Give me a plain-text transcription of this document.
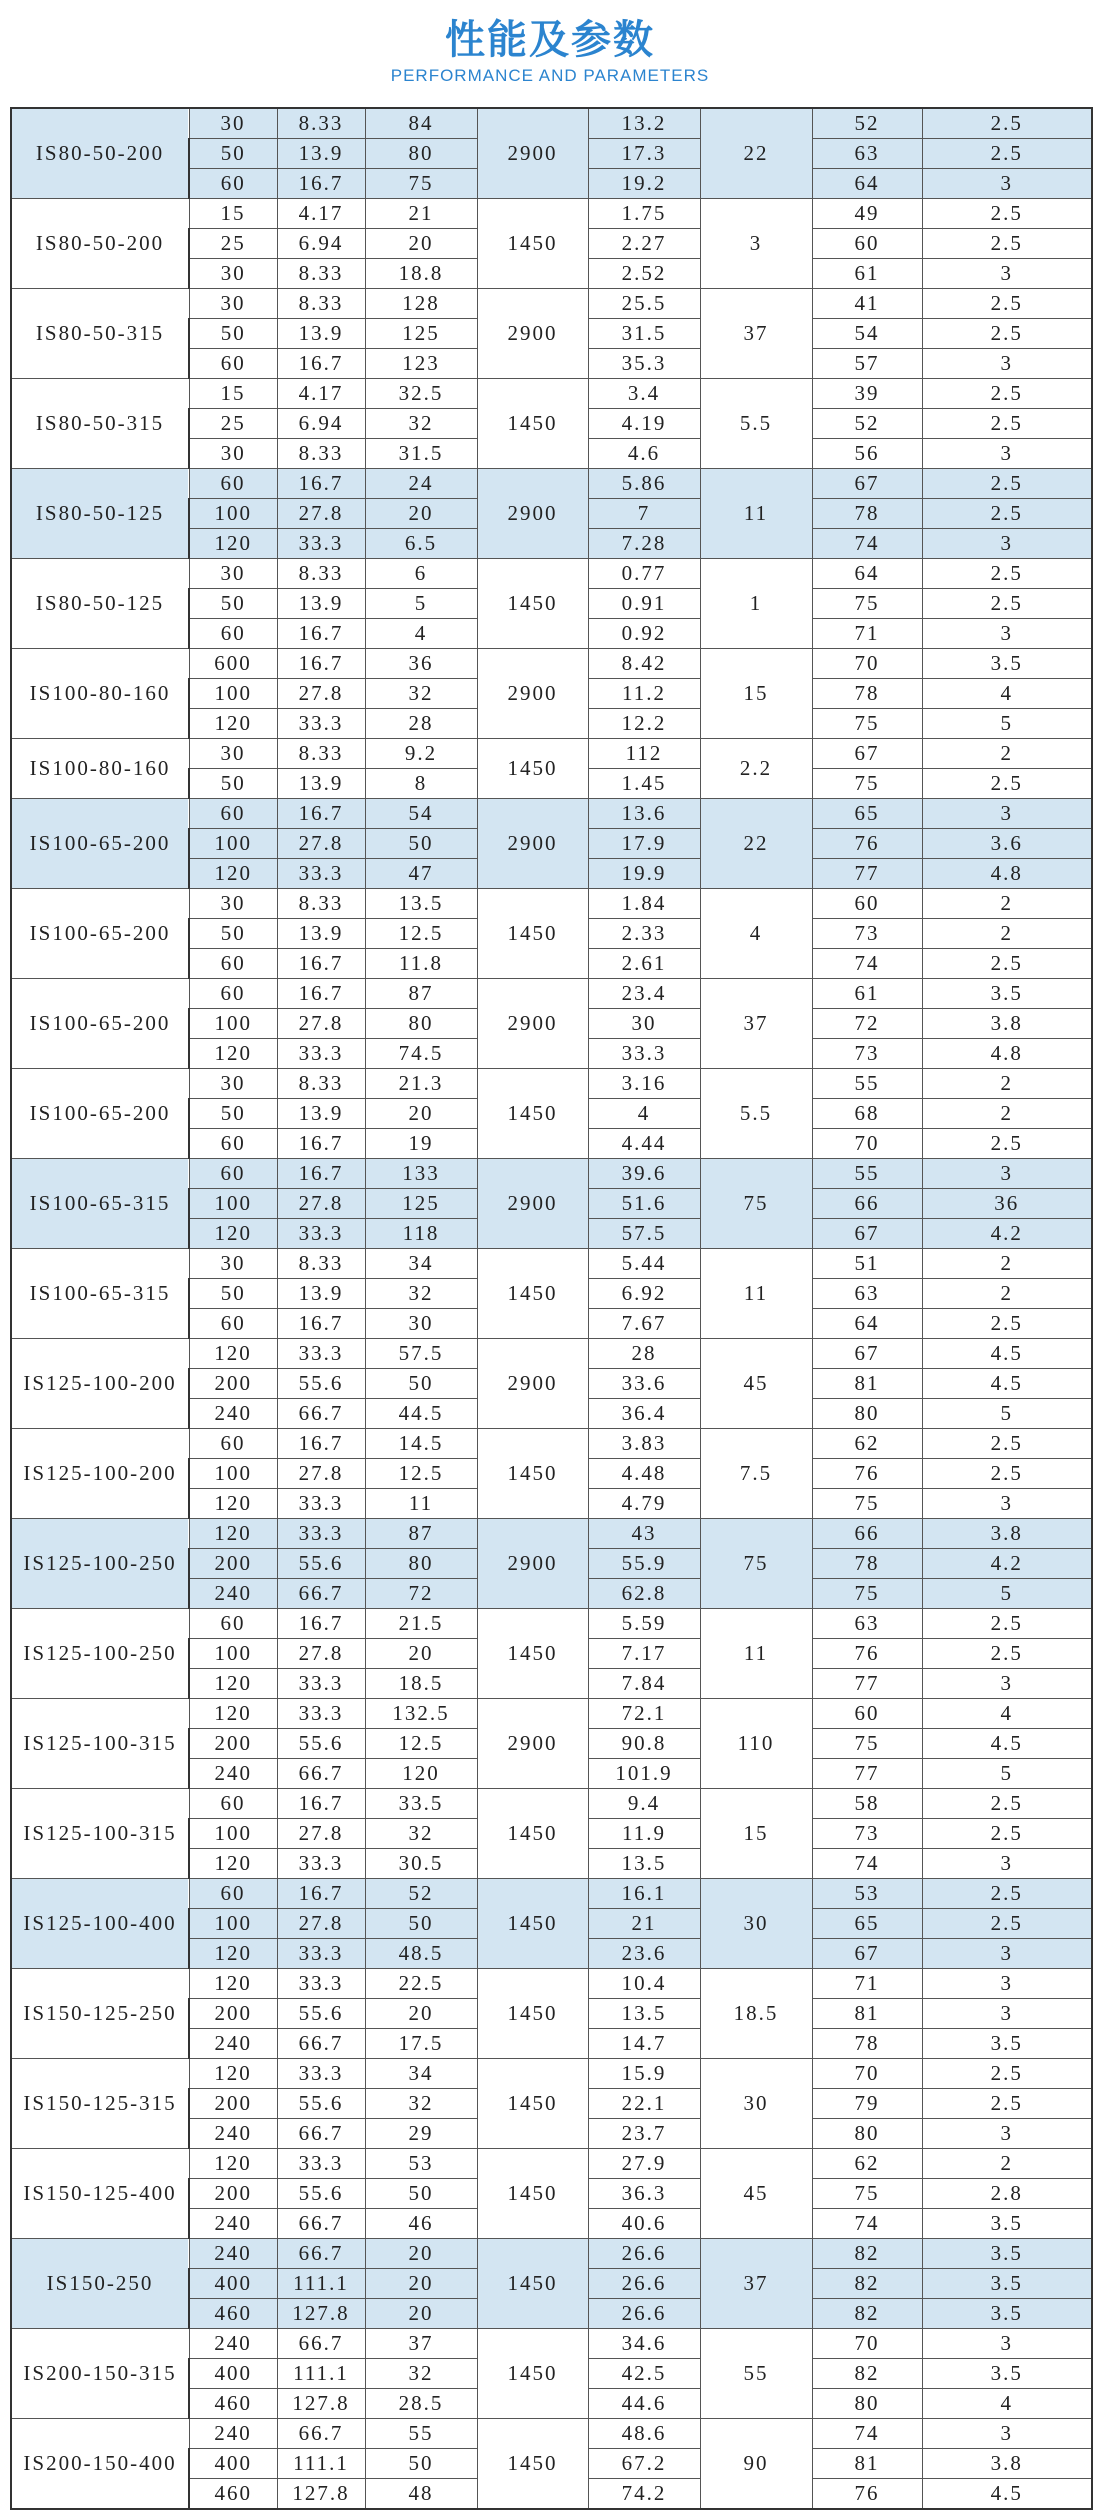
性能及参数
PERFORMANCE AND PARAMETERS
IS80-50-200	30	8.33	84	2900	13.2	22	52	2.5
	50	13.9	80		17.3		63	2.5
	60	16.7	75		19.2		64	3
IS80-50-200	15	4.17	21	1450	1.75	3	49	2.5
	25	6.94	20		2.27		60	2.5
	30	8.33	18.8		2.52		61	3
IS80-50-315	30	8.33	128	2900	25.5	37	41	2.5
	50	13.9	125		31.5		54	2.5
	60	16.7	123		35.3		57	3
IS80-50-315	15	4.17	32.5	1450	3.4	5.5	39	2.5
	25	6.94	32		4.19		52	2.5
	30	8.33	31.5		4.6		56	3
IS80-50-125	60	16.7	24	2900	5.86	11	67	2.5
	100	27.8	20		7		78	2.5
	120	33.3	6.5		7.28		74	3
IS80-50-125	30	8.33	6	1450	0.77	1	64	2.5
	50	13.9	5		0.91		75	2.5
	60	16.7	4		0.92		71	3
IS100-80-160	600	16.7	36	2900	8.42	15	70	3.5
	100	27.8	32		11.2		78	4
	120	33.3	28		12.2		75	5
IS100-80-160	30	8.33	9.2	1450	112	2.2	67	2
	50	13.9	8		1.45		75	2.5
IS100-65-200	60	16.7	54	2900	13.6	22	65	3
	100	27.8	50		17.9		76	3.6
	120	33.3	47		19.9		77	4.8
IS100-65-200	30	8.33	13.5	1450	1.84	4	60	2
	50	13.9	12.5		2.33		73	2
	60	16.7	11.8		2.61		74	2.5
IS100-65-200	60	16.7	87	2900	23.4	37	61	3.5
	100	27.8	80		30		72	3.8
	120	33.3	74.5		33.3		73	4.8
IS100-65-200	30	8.33	21.3	1450	3.16	5.5	55	2
	50	13.9	20		4		68	2
	60	16.7	19		4.44		70	2.5
IS100-65-315	60	16.7	133	2900	39.6	75	55	3
	100	27.8	125		51.6		66	36
	120	33.3	118		57.5		67	4.2
IS100-65-315	30	8.33	34	1450	5.44	11	51	2
	50	13.9	32		6.92		63	2
	60	16.7	30		7.67		64	2.5
IS125-100-200	120	33.3	57.5	2900	28	45	67	4.5
	200	55.6	50		33.6		81	4.5
	240	66.7	44.5		36.4		80	5
IS125-100-200	60	16.7	14.5	1450	3.83	7.5	62	2.5
	100	27.8	12.5		4.48		76	2.5
	120	33.3	11		4.79		75	3
IS125-100-250	120	33.3	87	2900	43	75	66	3.8
	200	55.6	80		55.9		78	4.2
	240	66.7	72		62.8		75	5
IS125-100-250	60	16.7	21.5	1450	5.59	11	63	2.5
	100	27.8	20		7.17		76	2.5
	120	33.3	18.5		7.84		77	3
IS125-100-315	120	33.3	132.5	2900	72.1	110	60	4
	200	55.6	12.5		90.8		75	4.5
	240	66.7	120		101.9		77	5
IS125-100-315	60	16.7	33.5	1450	9.4	15	58	2.5
	100	27.8	32		11.9		73	2.5
	120	33.3	30.5		13.5		74	3
IS125-100-400	60	16.7	52	1450	16.1	30	53	2.5
	100	27.8	50		21		65	2.5
	120	33.3	48.5		23.6		67	3
IS150-125-250	120	33.3	22.5	1450	10.4	18.5	71	3
	200	55.6	20		13.5		81	3
	240	66.7	17.5		14.7		78	3.5
IS150-125-315	120	33.3	34	1450	15.9	30	70	2.5
	200	55.6	32		22.1		79	2.5
	240	66.7	29		23.7		80	3
IS150-125-400	120	33.3	53	1450	27.9	45	62	2
	200	55.6	50		36.3		75	2.8
	240	66.7	46		40.6		74	3.5
IS150-250	240	66.7	20	1450	26.6	37	82	3.5
	400	111.1	20		26.6		82	3.5
	460	127.8	20		26.6		82	3.5
IS200-150-315	240	66.7	37	1450	34.6	55	70	3
	400	111.1	32		42.5		82	3.5
	460	127.8	28.5		44.6		80	4
IS200-150-400	240	66.7	55	1450	48.6	90	74	3
	400	111.1	50		67.2		81	3.8
	460	127.8	48		74.2		76	4.5
